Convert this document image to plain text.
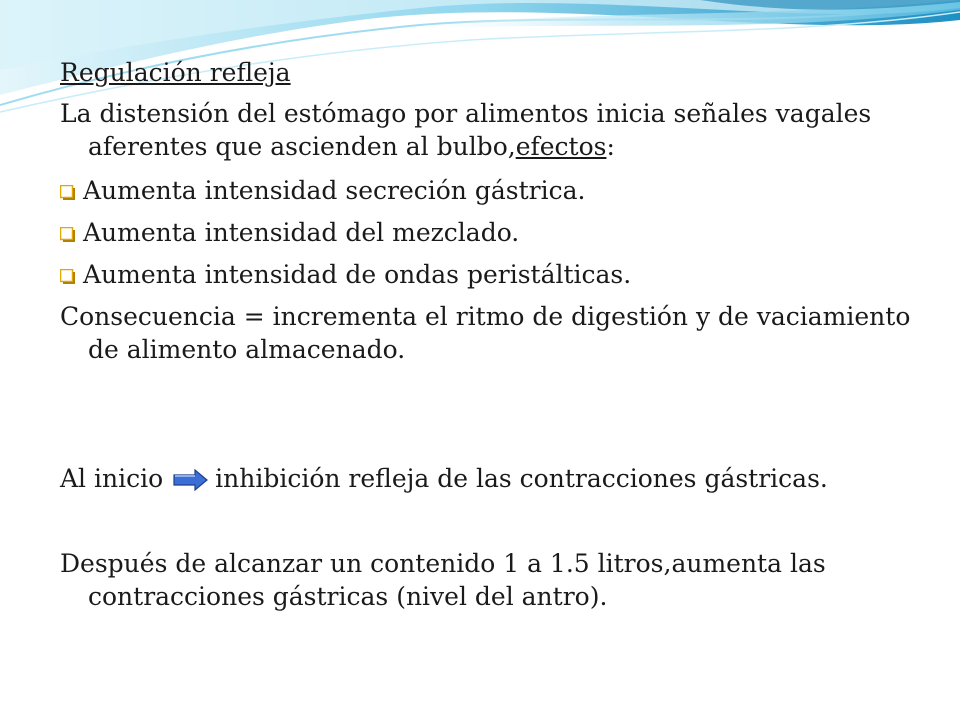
Regulación refleja

La distensión del estómago por alimentos inicia señales vagales aferentes que ascienden al bulbo,efectos:

Aumenta intensidad secreción gástrica.
Aumenta intensidad del mezclado.
Aumenta intensidad de ondas peristálticas.

Consecuencia = incrementa el ritmo de digestión y de vaciamiento de alimento almacenado.

Al inicio inhibición refleja de las contracciones gástricas.

Después de alcanzar un contenido 1 a 1.5 litros,aumenta las contracciones gástricas (nivel del antro).
